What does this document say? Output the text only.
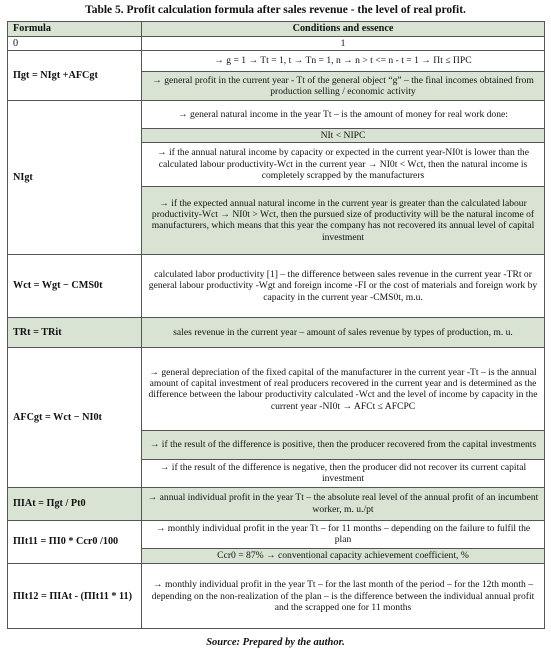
Table 5. Profit calculation formula after sales revenue - the level of real profit.
Formula	Conditions and essence
0	1
Пgt = NIgt +AFCgt	→ g = 1 → Tt = 1, t → Tn = 1, n → n > t <= n - t = 1 → Пt ≤ ПРС
	→ general profit in the current year - Tt of the general object “g” – the final incomes obtained from production selling / economic activity
NIgt	→ general natural income in the year Tt – is the amount of money for real work done:
	NIt < NIPC
	→ if the annual natural income by capacity or expected in the current year-NI0t is lower than the calculated labour productivity-Wct in the current year → NI0t < Wct, then the natural income is completely scrapped by the manufacturers
	→ if the expected annual natural income in the current year is greater than the calculated labour productivity-Wct → NI0t > Wct, then the pursued size of productivity will be the natural income of manufacturers, which means that this year the company has not recovered its annual level of capital investment
Wct = Wgt − CMS0t	calculated labor productivity [1] – the difference between sales revenue in the current year -TRt or general labour productivity -Wgt and foreign income -FI or the cost of materials and foreign work by capacity in the current year -CMS0t, m.u.
TRt = TRit	sales revenue in the current year – amount of sales revenue by types of production, m. u.
AFCgt = Wct − NI0t	→ general depreciation of the fixed capital of the manufacturer in the current year -Tt – is the annual amount of capital investment of real producers recovered in the current year and is determined as the difference between the labour productivity calculated -Wct and the level of income by capacity in the current year -NI0t → AFCt ≤ AFCPC
	→ if the result of the difference is positive, then the producer recovered from the capital investments
	→ if the result of the difference is negative, then the producer did not recover its current capital investment
ПIAt = Пgt / Pt0	→ annual individual profit in the year Tt – the absolute real level of the annual profit of an incumbent worker, m. u./pt
ПIt11 = ПI0 * Ccr0 /100	→ monthly individual profit in the year Tt – for 11 months – depending on the failure to fulfil the plan
	Ccr0 = 87% → conventional capacity achievement coefficient, %
ПIt12 = ПIAt - (ПIt11 * 11)	→ monthly individual profit in the year Tt – for the last month of the period – for the 12th month – depending on the non-realization of the plan – is the difference between the individual annual profit and the scrapped one for 11 months
Source: Prepared by the author.
